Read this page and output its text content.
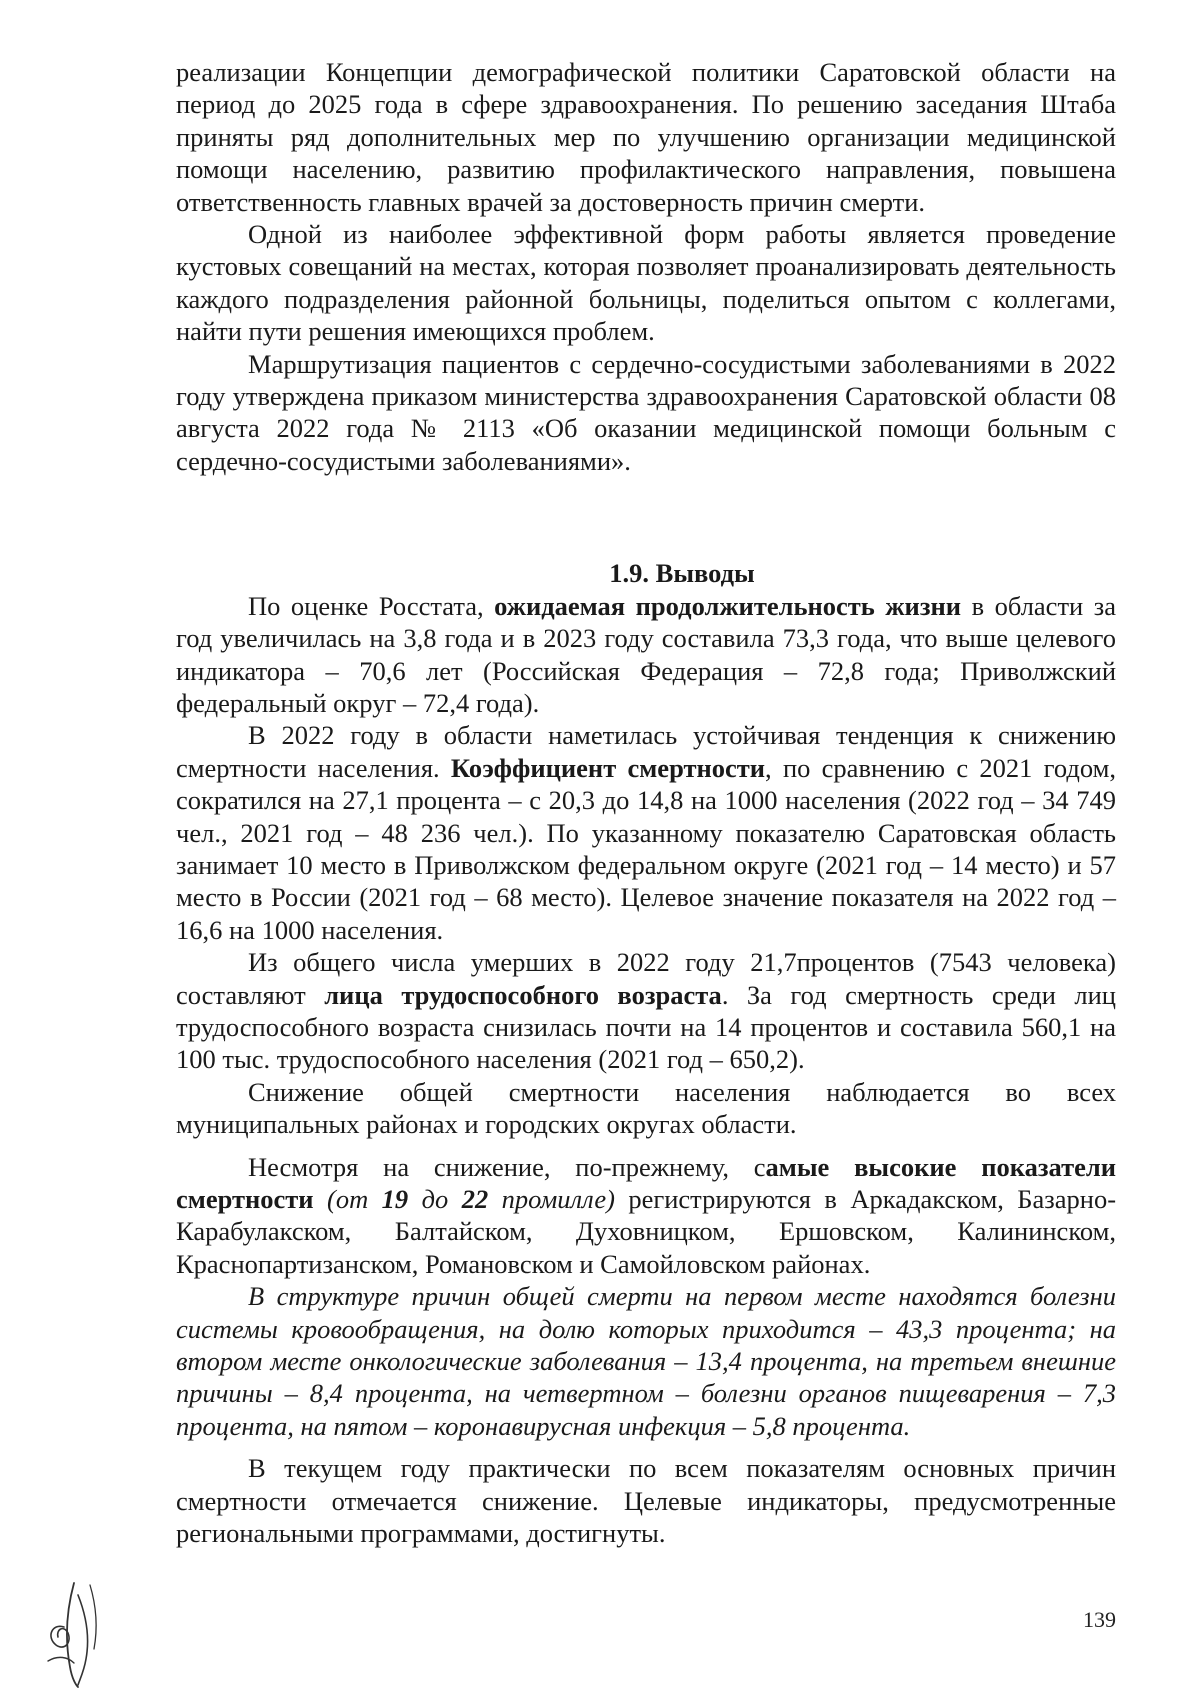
реализации Концепции демографической политики Саратовской области на период до 2025 года в сфере здравоохранения. По решению заседания Штаба приняты ряд дополнительных мер по улучшению организации медицинской помощи населению, развитию профилактического направления, повышена ответственность главных врачей за достоверность причин смерти.

Одной из наиболее эффективной форм работы является проведение кустовых совещаний на местах, которая позволяет проанализировать деятельность каждого подразделения районной больницы, поделиться опытом с коллегами, найти пути решения имеющихся проблем.

Маршрутизация пациентов с сердечно-сосудистыми заболеваниями в 2022 году утверждена приказом министерства здравоохранения Саратовской области 08 августа 2022 года № 2113 «Об оказании медицинской помощи больным с сердечно-сосудистыми заболеваниями».

1.9. Выводы

По оценке Росстата, ожидаемая продолжительность жизни в области за год увеличилась на 3,8 года и в 2023 году составила 73,3 года, что выше целевого индикатора – 70,6 лет (Российская Федерация – 72,8 года; Приволжский федеральный округ – 72,4 года).

В 2022 году в области наметилась устойчивая тенденция к снижению смертности населения. Коэффициент смертности, по сравнению с 2021 годом, сократился на 27,1 процента – с 20,3 до 14,8 на 1000 населения (2022 год – 34 749 чел., 2021 год – 48 236 чел.). По указанному показателю Саратовская область занимает 10 место в Приволжском федеральном округе (2021 год – 14 место) и 57 место в России (2021 год – 68 место). Целевое значение показателя на 2022 год – 16,6 на 1000 населения.

Из общего числа умерших в 2022 году 21,7процентов (7543 человека) составляют лица трудоспособного возраста. За год смертность среди лиц трудоспособного возраста снизилась почти на 14 процентов и составила 560,1 на 100 тыс. трудоспособного населения (2021 год – 650,2).

Снижение общей смертности населения наблюдается во всех муниципальных районах и городских округах области.

Несмотря на снижение, по-прежнему, самые высокие показатели смертности (от 19 до 22 промилле) регистрируются в Аркадакском, Базарно-Карабулакском, Балтайском, Духовницком, Ершовском, Калининском, Краснопартизанском, Романовском и Самойловском районах.

В структуре причин общей смерти на первом месте находятся болезни системы кровообращения, на долю которых приходится – 43,3 процента; на втором месте онкологические заболевания – 13,4 процента, на третьем внешние причины – 8,4 процента, на четвертном – болезни органов пищеварения – 7,3 процента, на пятом – коронавирусная инфекция – 5,8 процента.

В текущем году практически по всем показателям основных причин смертности отмечается снижение. Целевые индикаторы, предусмотренные региональными программами, достигнуты.

139
